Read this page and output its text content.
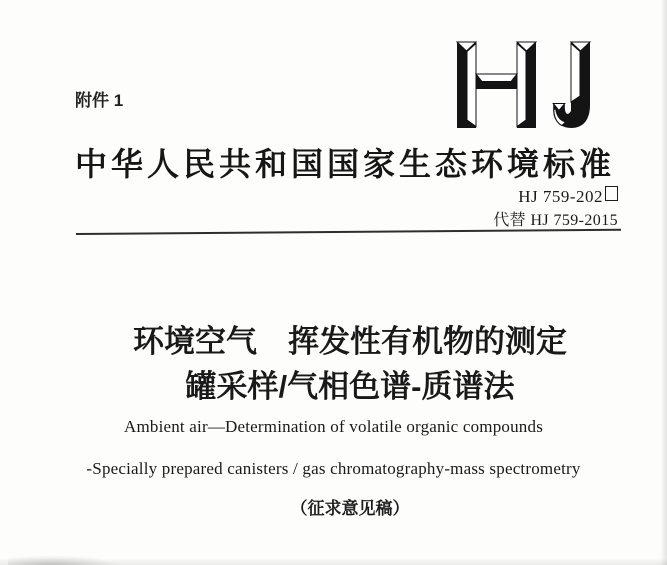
附件 1
中华人民共和国国家生态环境标准
HJ 759-202
代替 HJ 759-2015
环境空气　挥发性有机物的测定
罐采样/气相色谱-质谱法
（征求意见稿）
Ambient air—Determination of volatile organic compounds
-Specially prepared canisters / gas chromatography-mass spectrometry
